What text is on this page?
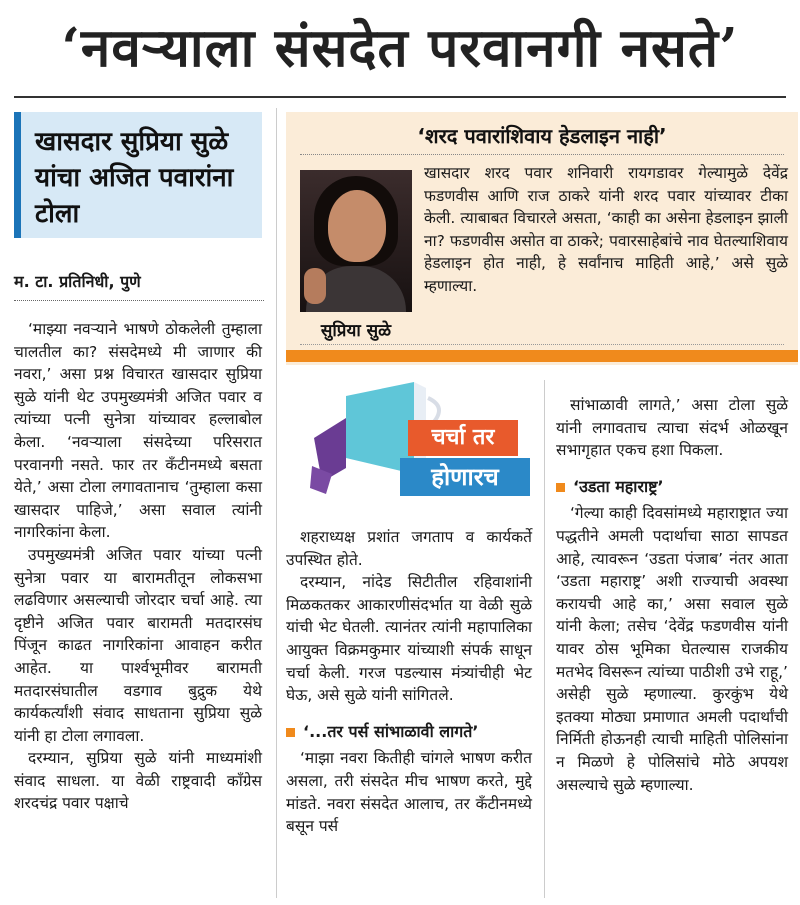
‘नवऱ्याला संसदेत परवानगी नसते’
खासदार सुप्रिया सुळे यांचा अजित पवारांना टोला
म. टा. प्रतिनिधी, पुणे

‘माझ्या नवऱ्याने भाषणे ठोकलेली तुम्हाला चालतील का? संसदेमध्ये मी जाणार की नवरा,’ असा प्रश्न विचारत खासदार सुप्रिया सुळे यांनी थेट उपमुख्यमंत्री अजित पवार व त्यांच्या पत्नी सुनेत्रा यांच्यावर हल्लाबोल केला. ‘नवऱ्याला संसदेच्या परिसरात परवानगी नसते. फार तर कँटीनमध्ये बसता येते,’ असा टोला लगावतानाच ‘तुम्हाला कसा खासदार पाहिजे,’ असा सवाल त्यांनी नागरिकांना केला.

उपमुख्यमंत्री अजित पवार यांच्या पत्नी सुनेत्रा पवार या बारामतीतून लोकसभा लढविणार असल्याची जोरदार चर्चा आहे. त्या दृष्टीने अजित पवार बारामती मतदारसंघ पिंजून काढत नागरिकांना आवाहन करीत आहेत. या पार्श्वभूमीवर बारामती मतदारसंघातील वडगाव बुद्रुक येथे कार्यकर्त्यांशी संवाद साधताना सुप्रिया सुळे यांनी हा टोला लगावला.

दरम्यान, सुप्रिया सुळे यांनी माध्यमांशी संवाद साधला. या वेळी राष्ट्रवादी काँग्रेस शरदचंद्र पवार पक्षाचे

‘शरद पवारांशिवाय हेडलाइन नाही’
सुप्रिया सुळे
खासदार शरद पवार शनिवारी रायगडावर गेल्यामुळे देवेंद्र फडणवीस आणि राज ठाकरे यांनी शरद पवार यांच्यावर टीका केली. त्याबाबत विचारले असता, ‘काही का असेना हेडलाइन झाली ना? फडणवीस असोत वा ठाकरे; पवारसाहेबांचे नाव घेतल्याशिवाय हेडलाइन होत नाही, हे सर्वांनाच माहिती आहे,’ असे सुळे म्हणाल्या.
चर्चा तर
होणारच

शहराध्यक्ष प्रशांत जगताप व कार्यकर्ते उपस्थित होते.

दरम्यान, नांदेड सिटीतील रहिवाशांनी मिळकतकर आकारणीसंदर्भात या वेळी सुळे यांची भेट घेतली. त्यानंतर त्यांनी महापालिका आयुक्त विक्रमकुमार यांच्याशी संपर्क साधून चर्चा केली. गरज पडल्यास मंत्र्यांचीही भेट घेऊ, असे सुळे यांनी सांगितले.

‘...तर पर्स सांभाळावी लागते’

‘माझा नवरा कितीही चांगले भाषण करीत असला, तरी संसदेत मीच भाषण करते, मुद्दे मांडते. नवरा संसदेत आलाच, तर कँटीनमध्ये बसून पर्स

सांभाळावी लागते,’ असा टोला सुळे यांनी लगावताच त्याचा संदर्भ ओळखून सभागृहात एकच हशा पिकला.

‘उडता महाराष्ट्र’

‘गेल्या काही दिवसांमध्ये महाराष्ट्रात ज्या पद्धतीने अमली पदार्थाचा साठा सापडत आहे, त्यावरून ‘उडता पंजाब’ नंतर आता ‘उडता महाराष्ट्र’ अशी राज्याची अवस्था करायची आहे का,’ असा सवाल सुळे यांनी केला; तसेच ‘देवेंद्र फडणवीस यांनी यावर ठोस भूमिका घेतल्यास राजकीय मतभेद विसरून त्यांच्या पाठीशी उभे राहू,’ असेही सुळे म्हणाल्या. कुरकुंभ येथे इतक्या मोठ्या प्रमाणात अमली पदार्थांची निर्मिती होऊनही त्याची माहिती पोलिसांना न मिळणे हे पोलिसांचे मोठे अपयश असल्याचे सुळे म्हणाल्या.
